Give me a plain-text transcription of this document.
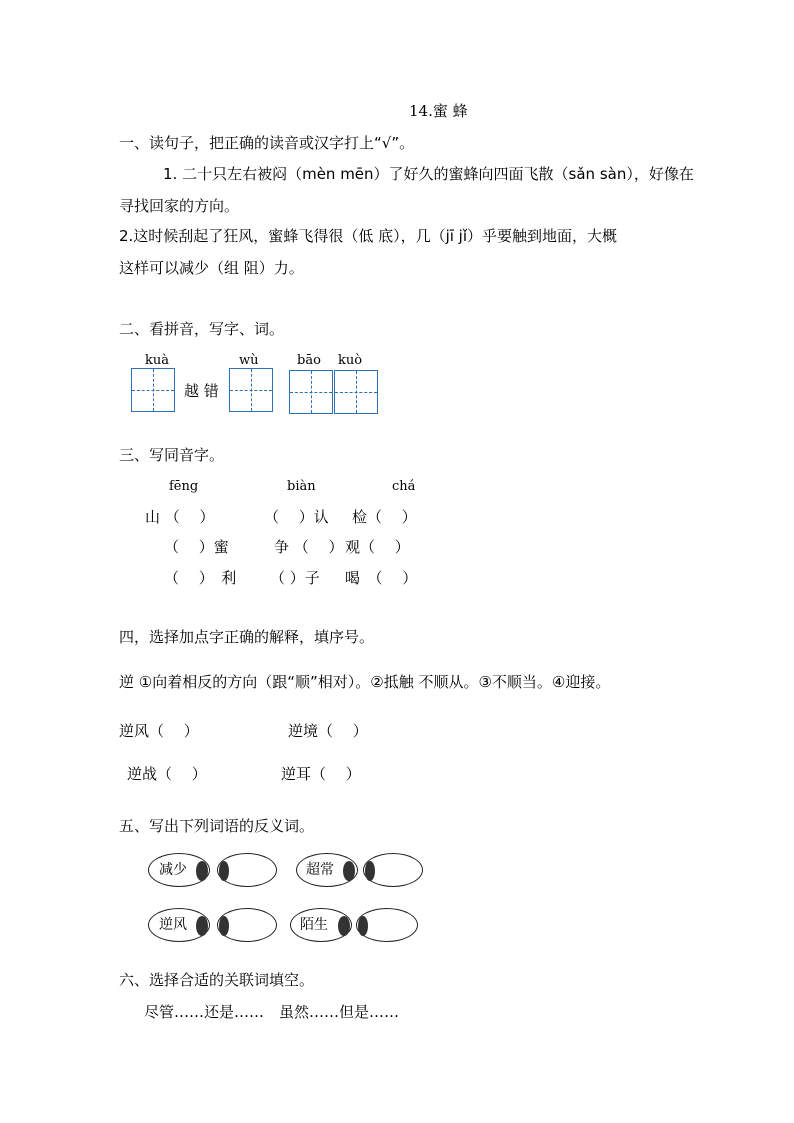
14.蜜 蜂
一、读句子，把正确的读音或汉字打上“√”。
1. 二十只左右被闷（mèn mēn）了好久的蜜蜂向四面飞散（sǎn sàn），好像在
寻找回家的方向。
2.这时候刮起了狂风，蜜蜂飞得很（低 底），几（jī jǐ）乎要触到地面，大概
这样可以减少（组 阻）力。
二、看拼音，写字、词。
kuà	wù	bāo kuò
越 错
三、写同音字。
fēng	biàn	chá
山 （　 ）	（　 ）认 检（　 ）
（　 ）蜜	争 （　 ） 观（　 ）
（　 ）　利 （ ）子 喝　（　 ）
四，选择加点字正确的解释，填序号。
逆 ①向着相反的方向（跟“顺”相对）。②抵触 不顺从。③不顺当。④迎接。
逆风（　 ）	逆境（　 ）
逆战（　 ）	逆耳（　 ）
五、写出下列词语的反义词。
减少	超常
逆风	陌生
六、选择合适的关联词填空。
尽管……还是……　虽然……但是……
